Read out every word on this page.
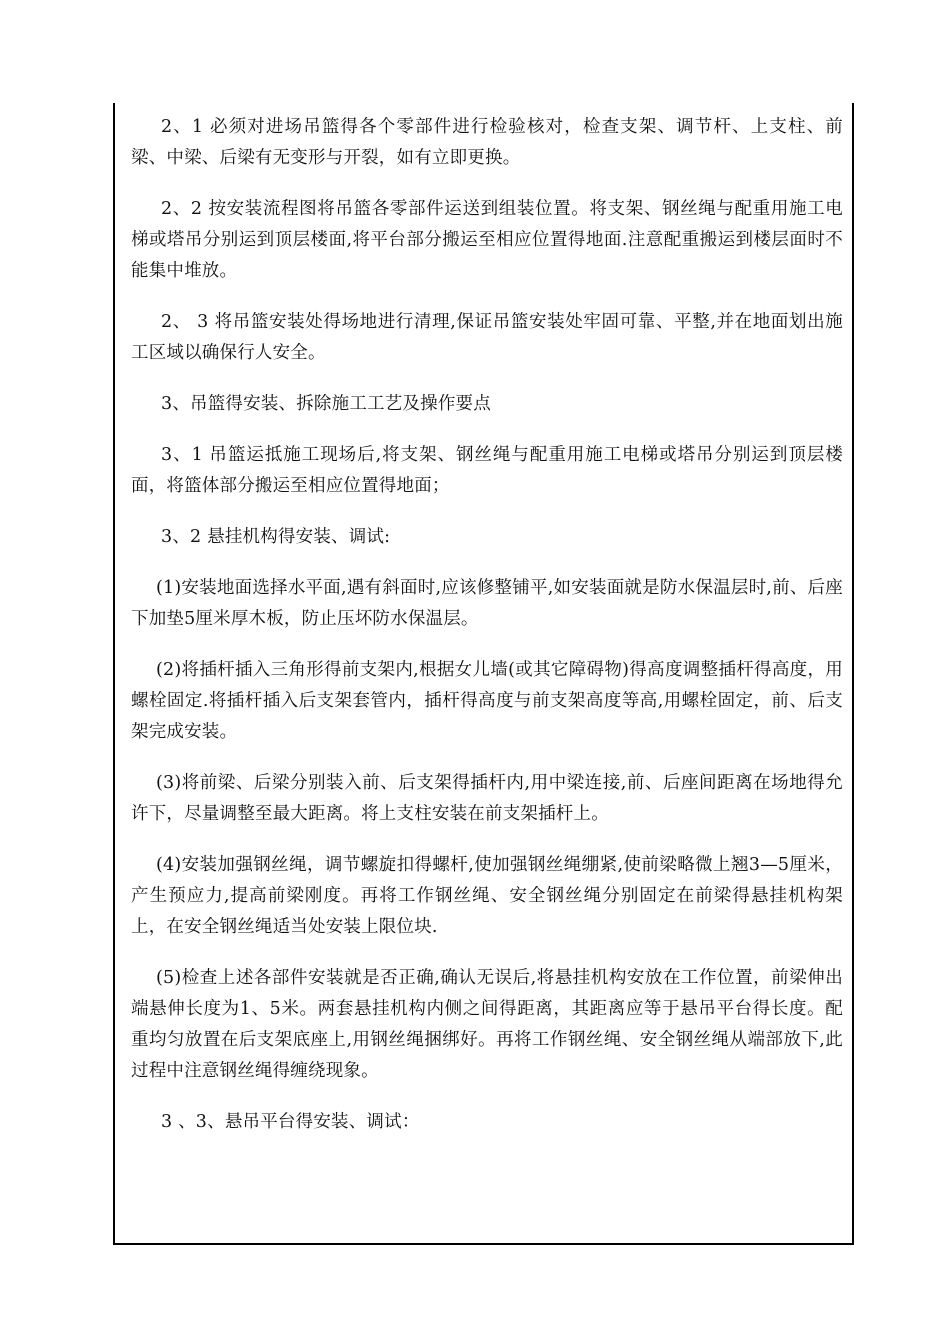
2、1 必须对进场吊篮得各个零部件进行检验核对，检查支架、调节杆、上支柱、前梁、中梁、后梁有无变形与开裂，如有立即更换。

2、2 按安装流程图将吊篮各零部件运送到组装位置。将支架、钢丝绳与配重用施工电梯或塔吊分别运到顶层楼面,将平台部分搬运至相应位置得地面.注意配重搬运到楼层面时不能集中堆放。

2、 3 将吊篮安装处得场地进行清理,保证吊篮安装处牢固可靠、平整,并在地面划出施工区域以确保行人安全。

3、吊篮得安装、拆除施工工艺及操作要点

3、1 吊篮运抵施工现场后,将支架、钢丝绳与配重用施工电梯或塔吊分别运到顶层楼面，将篮体部分搬运至相应位置得地面；

3、2 悬挂机构得安装、调试:

(1)安装地面选择水平面,遇有斜面时,应该修整铺平,如安装面就是防水保温层时,前、后座下加垫5厘米厚木板，防止压坏防水保温层。

(2)将插杆插入三角形得前支架内,根据女儿墙(或其它障碍物)得高度调整插杆得高度，用螺栓固定.将插杆插入后支架套管内，插杆得高度与前支架高度等高,用螺栓固定，前、后支架完成安装。

(3)将前梁、后梁分别装入前、后支架得插杆内,用中梁连接,前、后座间距离在场地得允许下，尽量调整至最大距离。将上支柱安装在前支架插杆上。

(4)安装加强钢丝绳，调节螺旋扣得螺杆,使加强钢丝绳绷紧,使前梁略微上翘3—5厘米，产生预应力,提高前梁刚度。再将工作钢丝绳、安全钢丝绳分别固定在前梁得悬挂机构架上，在安全钢丝绳适当处安装上限位块.

(5)检查上述各部件安装就是否正确,确认无误后,将悬挂机构安放在工作位置，前梁伸出端悬伸长度为1、5米。两套悬挂机构内侧之间得距离，其距离应等于悬吊平台得长度。配重均匀放置在后支架底座上,用钢丝绳捆绑好。再将工作钢丝绳、安全钢丝绳从端部放下,此过程中注意钢丝绳得缠绕现象。

3 、3、悬吊平台得安装、调试：
